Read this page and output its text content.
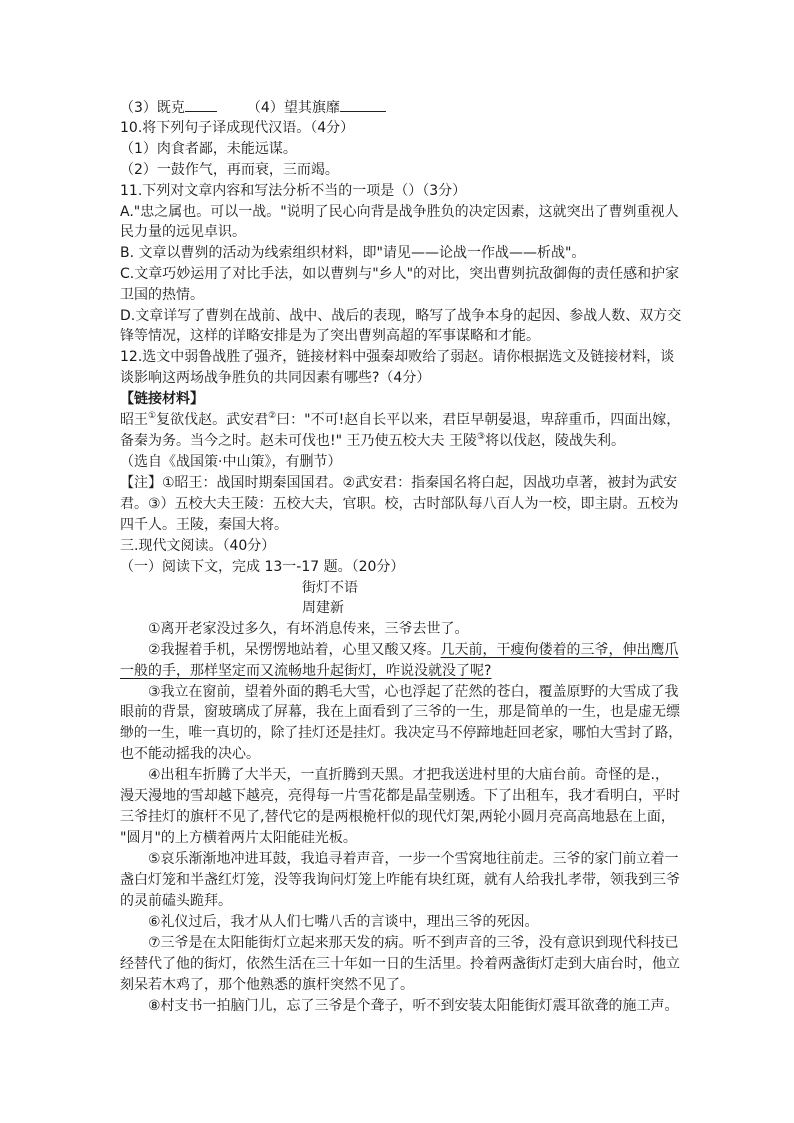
（3）既克	（4）望其旗靡
10.将下列句子译成现代汉语。（4分）
（1）肉食者鄙，未能远谋。
（2）一鼓作气，再而衰，三而竭。
11.下列对文章内容和写法分析不当的一项是（）（3分）
A."忠之属也。可以一战。"说明了民心向背是战争胜负的决定因素，这就突出了曹刿重视人
民力量的远见卓识。
B. 文章以曹刿的活动为线索组织材料，即"请见——论战一作战——析战"。
C.文章巧妙运用了对比手法，如以曹刿与"乡人"的对比，突出曹刿抗敌御侮的责任感和护家
卫国的热情。
D.文章详写了曹刿在战前、战中、战后的表现，略写了战争本身的起因、参战人数、双方交
锋等情况，这样的详略安排是为了突出曹刿高超的军事谋略和才能。
12.选文中弱鲁战胜了强齐，链接材料中强秦却败给了弱赵。请你根据选文及链接材料，谈
谈影响这两场战争胜负的共同因素有哪些?（4分）
【链接材料】
昭王①复欲伐赵。武安君②曰："不可!赵自长平以来，君臣早朝晏退，卑辞重币，四面出嫁，
备秦为务。当今之时。赵未可伐也!" 王乃使五校大夫 王陵③将以伐赵，陵战失利。
（选自《战国策·中山策》，有删节）
【注】①昭王：战国时期秦国国君。②武安君：指秦国名将白起，因战功卓著，被封为武安
君。③）五校大夫王陵：五校大夫，官职。校，古时部队每八百人为一校，即主尉。五校为
四千人。王陵，秦国大将。
三.现代文阅读。（40分）
（一）阅读下文，完成 13一-17 题。（20分）
街灯不语
周建新
①离开老家没过多久，有坏消息传来，三爷去世了。
②我握着手机，呆愣愣地站着，心里又酸又疼。几天前，干瘦佝偻着的三爷，伸出鹰爪
一般的手，那样坚定而又流畅地升起街灯，咋说没就没了呢?
③我立在窗前，望着外面的鹅毛大雪，心也浮起了茫然的苍白，覆盖原野的大雪成了我
眼前的背景，窗玻璃成了屏幕，我在上面看到了三爷的一生，那是简单的一生，也是虚无缥
缈的一生，唯一真切的，除了挂灯还是挂灯。我决定马不停蹄地赶回老家，哪怕大雪封了路，
也不能动摇我的决心。
④出租车折腾了大半天，一直折腾到天黑。才把我送进村里的大庙台前。奇怪的是.，
漫天漫地的雪却越下越亮，亮得每一片雪花都是晶莹剔透。下了出租车，我才看明白，平时
三爷挂灯的旗杆不见了,替代它的是两根桅杆似的现代灯架,两轮小圆月亮高高地悬在上面，
"圆月"的上方横着两片太阳能硅光板。
⑤哀乐渐渐地冲进耳鼓，我追寻着声音，一步一个雪窝地往前走。三爷的家门前立着一
盏白灯笼和半盏红灯笼，没等我询问灯笼上咋能有块红斑，就有人给我扎孝带，领我到三爷
的灵前磕头跪拜。
⑥礼仪过后，我才从人们七嘴八舌的言谈中，理出三爷的死因。
⑦三爷是在太阳能街灯立起来那天发的病。听不到声音的三爷，没有意识到现代科技已
经替代了他的街灯，依然生活在三十年如一日的生活里。拎着两盏街灯走到大庙台时，他立
刻呆若木鸡了，那个他熟悉的旗杆突然不见了。
⑧村支书一拍脑门儿，忘了三爷是个聋子，听不到安装太阳能街灯震耳欲聋的施工声。
